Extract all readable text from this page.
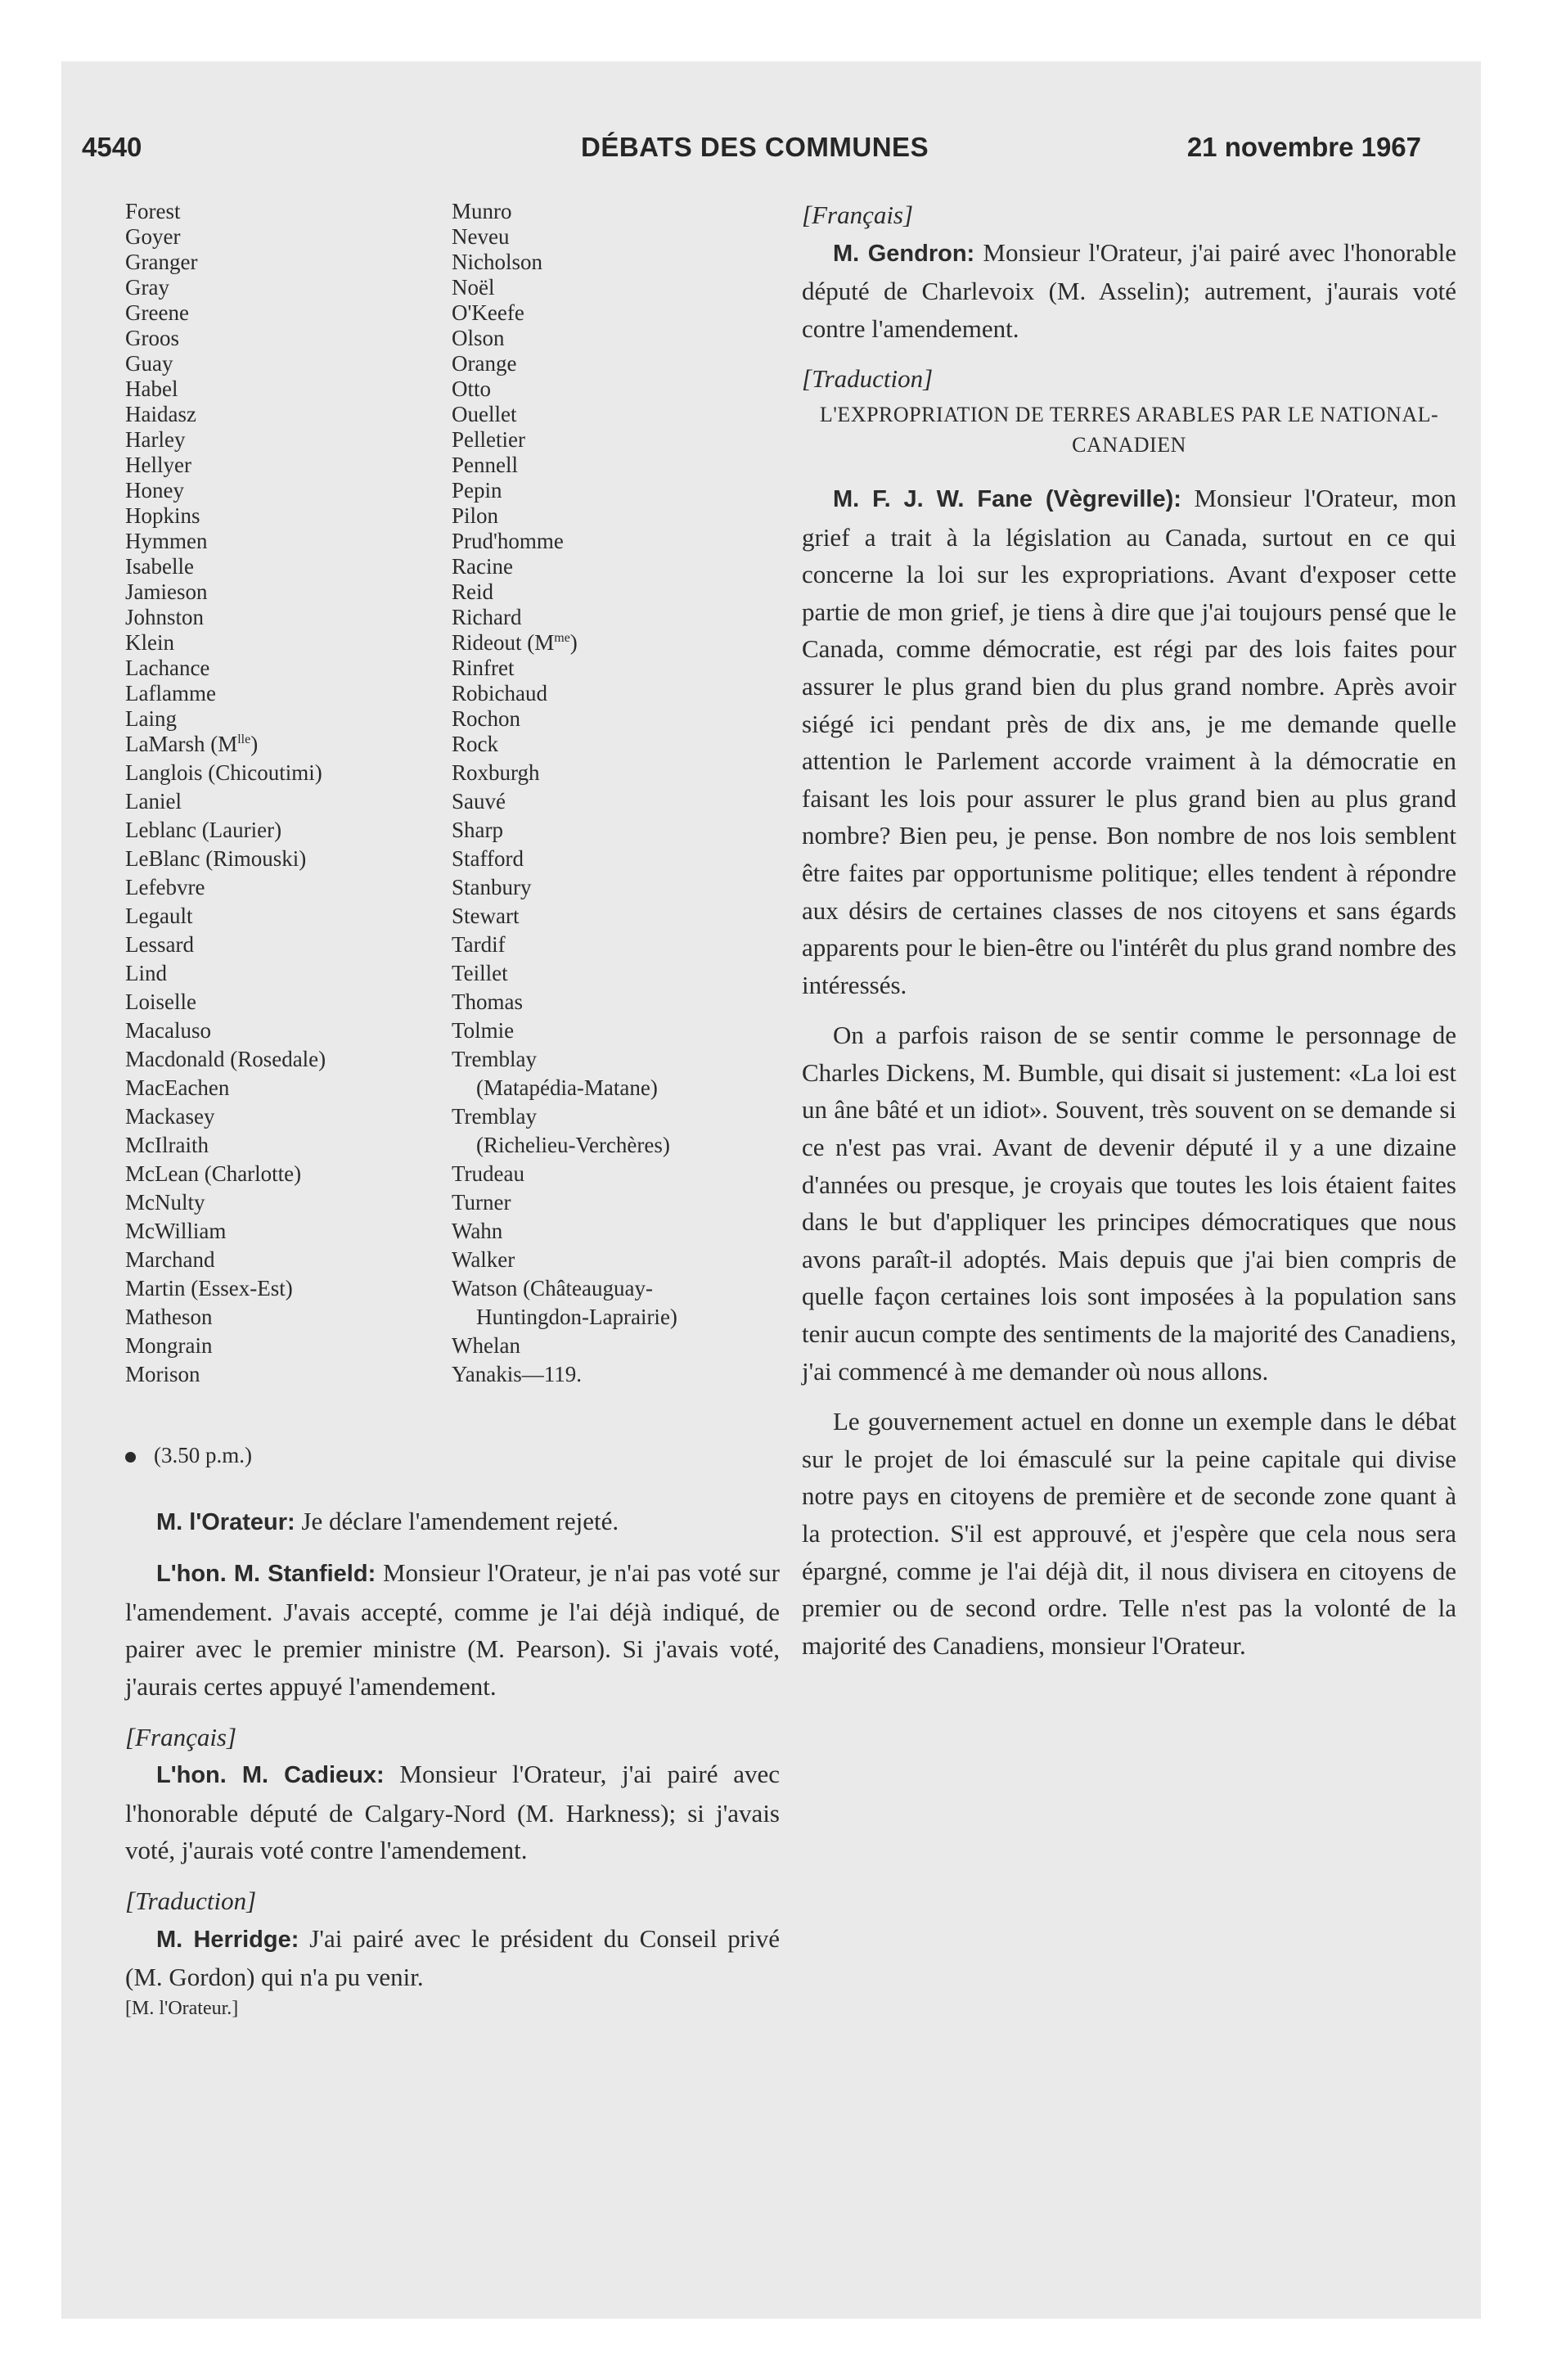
4540	DÉBATS DES COMMUNES	21 novembre 1967
Forest
Goyer
Granger
Gray
Greene
Groos
Guay
Habel
Haidasz
Harley
Hellyer
Honey
Hopkins
Hymmen
Isabelle
Jamieson
Johnston
Klein
Lachance
Laflamme
Laing
LaMarsh $(M^{lle})$
Langlois (Chicoutimi)
Laniel
Leblanc (Laurier)
LeBlanc (Rimouski)
Lefebvre
Legault
Lessard
Lind
Loiselle
Macaluso
Macdonald (Rosedale)
MacEachen
Mackasey
McIlraith
McLean (Charlotte)
McNulty
McWilliam
Marchand
Martin (Essex-Est)
Matheson
Mongrain
Morison
Munro
Neveu
Nicholson
Noël
O'Keefe
Olson
Orange
Otto
Ouellet
Pelletier
Pennell
Pepin
Pilon
Prud'homme
Racine
Reid
Richard
Rideout $(M^{me})$
Rinfret
Robichaud
Rochon
Rock
Roxburgh
Sauvé
Sharp
Stafford
Stanbury
Stewart
Tardif
Teillet
Thomas
Tolmie
Tremblay
(Matapédia-Matane)
Tremblay
(Richelieu-Verchères)
Trudeau
Turner
Wahn
Walker
Watson (Châteauguay-
Huntingdon-Laprairie)
Whelan
Yanakis—119.
(3.50 p.m.)

M. l'Orateur: Je déclare l'amendement rejeté.

L'hon. M. Stanfield: Monsieur l'Orateur, je n'ai pas voté sur l'amendement. J'avais accepté, comme je l'ai déjà indiqué, de pairer avec le premier ministre (M. Pearson). Si j'avais voté, j'aurais certes appuyé l'amendement.

[Français]

L'hon. M. Cadieux: Monsieur l'Orateur, j'ai pairé avec l'honorable député de Calgary-Nord (M. Harkness); si j'avais voté, j'aurais voté contre l'amendement.

[Traduction]

M. Herridge: J'ai pairé avec le président du Conseil privé (M. Gordon) qui n'a pu venir.

[M. l'Orateur.]

[Français]

M. Gendron: Monsieur l'Orateur, j'ai pairé avec l'honorable député de Charlevoix (M. Asselin); autrement, j'aurais voté contre l'amendement.

[Traduction]

L'EXPROPRIATION DE TERRES ARABLES PAR LE NATIONAL-CANADIEN

M. F. J. W. Fane (Vègreville): Monsieur l'Orateur, mon grief a trait à la législation au Canada, surtout en ce qui concerne la loi sur les expropriations. Avant d'exposer cette partie de mon grief, je tiens à dire que j'ai toujours pensé que le Canada, comme démocratie, est régi par des lois faites pour assurer le plus grand bien du plus grand nombre. Après avoir siégé ici pendant près de dix ans, je me demande quelle attention le Parlement accorde vraiment à la démocratie en faisant les lois pour assurer le plus grand bien au plus grand nombre? Bien peu, je pense. Bon nombre de nos lois semblent être faites par opportunisme politique; elles tendent à répondre aux désirs de certaines classes de nos citoyens et sans égards apparents pour le bien-être ou l'intérêt du plus grand nombre des intéressés.

On a parfois raison de se sentir comme le personnage de Charles Dickens, M. Bumble, qui disait si justement: «La loi est un âne bâté et un idiot». Souvent, très souvent on se demande si ce n'est pas vrai. Avant de devenir député il y a une dizaine d'années ou presque, je croyais que toutes les lois étaient faites dans le but d'appliquer les principes démocratiques que nous avons paraît-il adoptés. Mais depuis que j'ai bien compris de quelle façon certaines lois sont imposées à la population sans tenir aucun compte des sentiments de la majorité des Canadiens, j'ai commencé à me demander où nous allons.

Le gouvernement actuel en donne un exemple dans le débat sur le projet de loi émasculé sur la peine capitale qui divise notre pays en citoyens de première et de seconde zone quant à la protection. S'il est approuvé, et j'espère que cela nous sera épargné, comme je l'ai déjà dit, il nous divisera en citoyens de premier ou de second ordre. Telle n'est pas la volonté de la majorité des Canadiens, monsieur l'Orateur.
